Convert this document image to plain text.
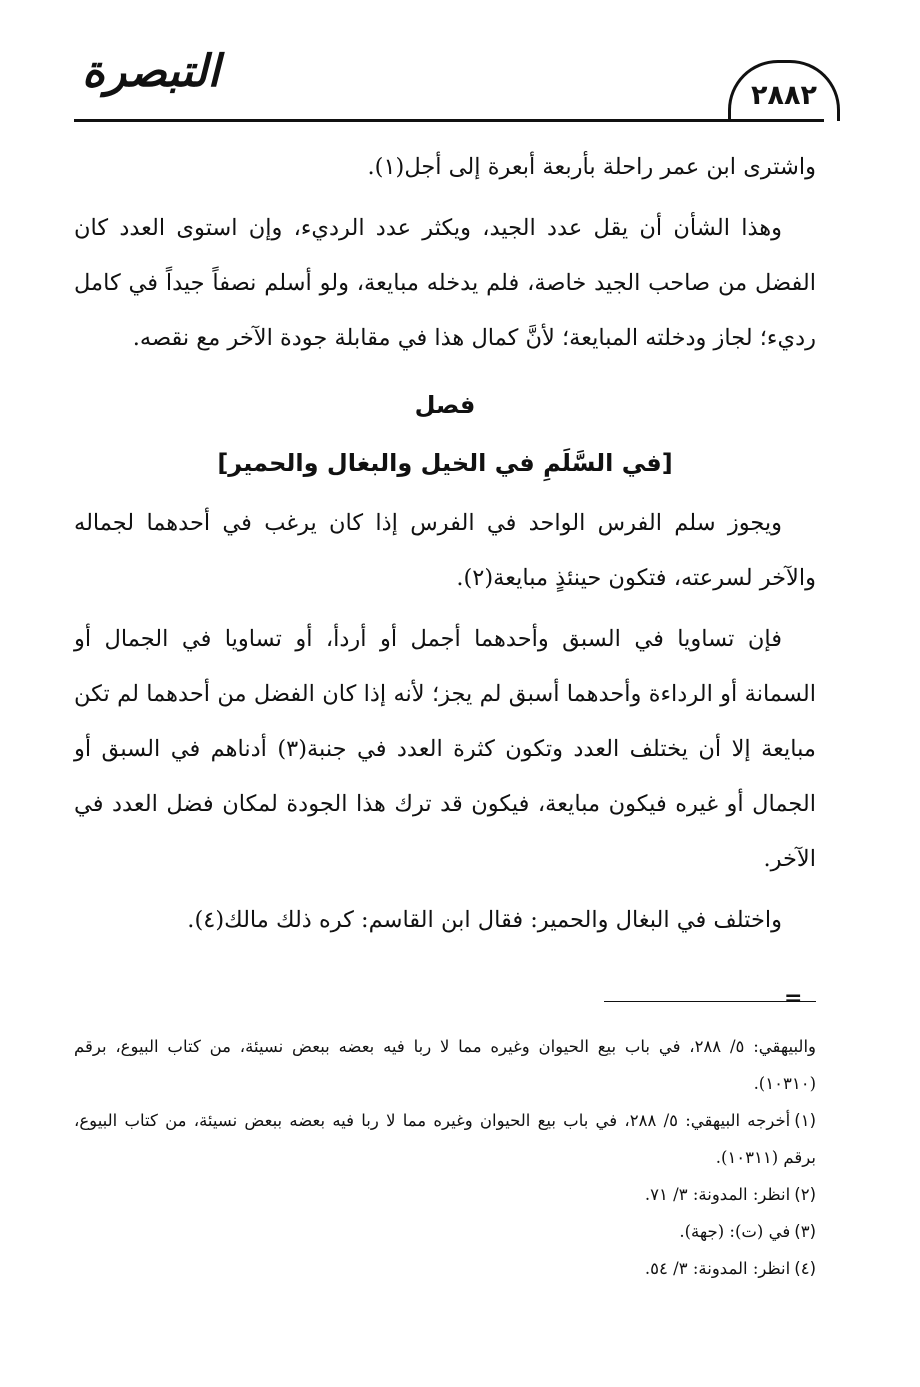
التبصرة	٢٨٨٢

واشترى ابن عمر راحلة بأربعة أبعرة إلى أجل(١).

وهذا الشأن أن يقل عدد الجيد، ويكثر عدد الرديء، وإن استوى العدد كان الفضل من صاحب الجيد خاصة، فلم يدخله مبايعة، ولو أسلم نصفاً جيداً في كامل رديء؛ لجاز ودخلته المبايعة؛ لأنَّ كمال هذا في مقابلة جودة الآخر مع نقصه.

فصل
[في السَّلَمِ في الخيل والبغال والحمير]

ويجوز سلم الفرس الواحد في الفرس إذا كان يرغب في أحدهما لجماله والآخر لسرعته، فتكون حينئذٍ مبايعة(٢).

فإن تساويا في السبق وأحدهما أجمل أو أردأ، أو تساويا في الجمال أو السمانة أو الرداءة وأحدهما أسبق لم يجز؛ لأنه إذا كان الفضل من أحدهما لم تكن مبايعة إلا أن يختلف العدد وتكون كثرة العدد في جنبة(٣) أدناهم في السبق أو الجمال أو غيره فيكون مبايعة، فيكون قد ترك هذا الجودة لمكان فضل العدد في الآخر.

واختلف في البغال والحمير: فقال ابن القاسم: كره ذلك مالك(٤).

=

والبيهقي: ٥/ ٢٨٨، في باب بيع الحيوان وغيره مما لا ربا فيه بعضه ببعض نسيئة، من كتاب البيوع، برقم (١٠٣١٠).

(١)أخرجه البيهقي: ٥/ ٢٨٨، في باب بيع الحيوان وغيره مما لا ربا فيه بعضه ببعض نسيئة، من كتاب البيوع، برقم (١٠٣١١).

(٢)انظر: المدونة: ٣/ ٧١.

(٣)في (ت): (جهة).

(٤)انظر: المدونة: ٣/ ٥٤.
